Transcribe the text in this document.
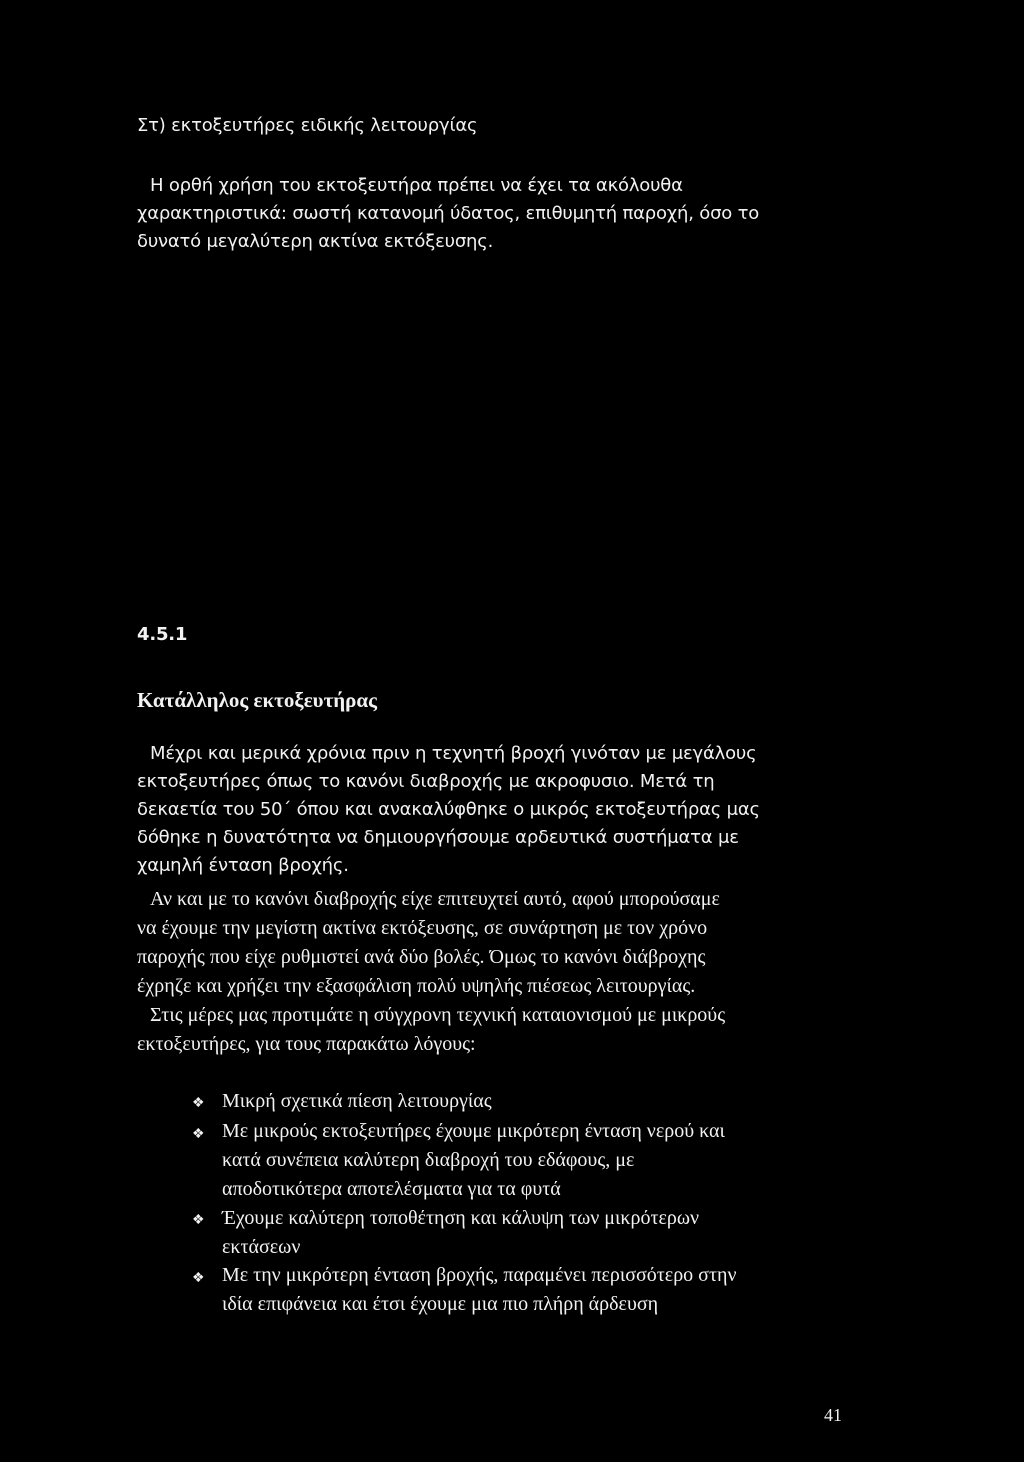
Στ) εκτοξευτήρες ειδικής λειτουργίας
Η ορθή χρήση του εκτοξευτήρα πρέπει να έχει τα ακόλουθα
χαρακτηριστικά: σωστή κατανομή ύδατος, επιθυμητή παροχή, όσο το
δυνατό μεγαλύτερη ακτίνα εκτόξευσης.
4.5.1
Κατάλληλος εκτοξευτήρας
Μέχρι και μερικά χρόνια πριν η τεχνητή βροχή γινόταν με μεγάλους
εκτοξευτήρες όπως το κανόνι διαβροχής με ακροφυσιο. Μετά τη
δεκαετία του 50΄ όπου και ανακαλύφθηκε ο μικρός εκτοξευτήρας μας
δόθηκε η δυνατότητα να δημιουργήσουμε αρδευτικά συστήματα με
χαμηλή ένταση βροχής.
Αν και με το κανόνι διαβροχής είχε επιτευχτεί αυτό, αφού μπορούσαμε
να έχουμε την μεγίστη ακτίνα εκτόξευσης, σε συνάρτηση με τον χρόνο
παροχής που είχε ρυθμιστεί ανά δύο βολές. Όμως το κανόνι διάβροχης
έχρηζε και χρήζει την εξασφάλιση πολύ υψηλής πιέσεως λειτουργίας.
Στις μέρες μας προτιμάτε η σύγχρονη τεχνική καταιονισμού με μικρούς
εκτοξευτήρες, για τους παρακάτω λόγους:
❖ Μικρή σχετικά πίεση λειτουργίας
❖ Με μικρούς εκτοξευτήρες έχουμε μικρότερη ένταση νερού και
κατά συνέπεια καλύτερη διαβροχή του εδάφους, με
αποδοτικότερα αποτελέσματα για τα φυτά
❖ Έχουμε καλύτερη τοποθέτηση και κάλυψη των μικρότερων
εκτάσεων
❖ Με την μικρότερη ένταση βροχής, παραμένει περισσότερο στην
ιδία επιφάνεια και έτσι έχουμε μια πιο πλήρη άρδευση
41
